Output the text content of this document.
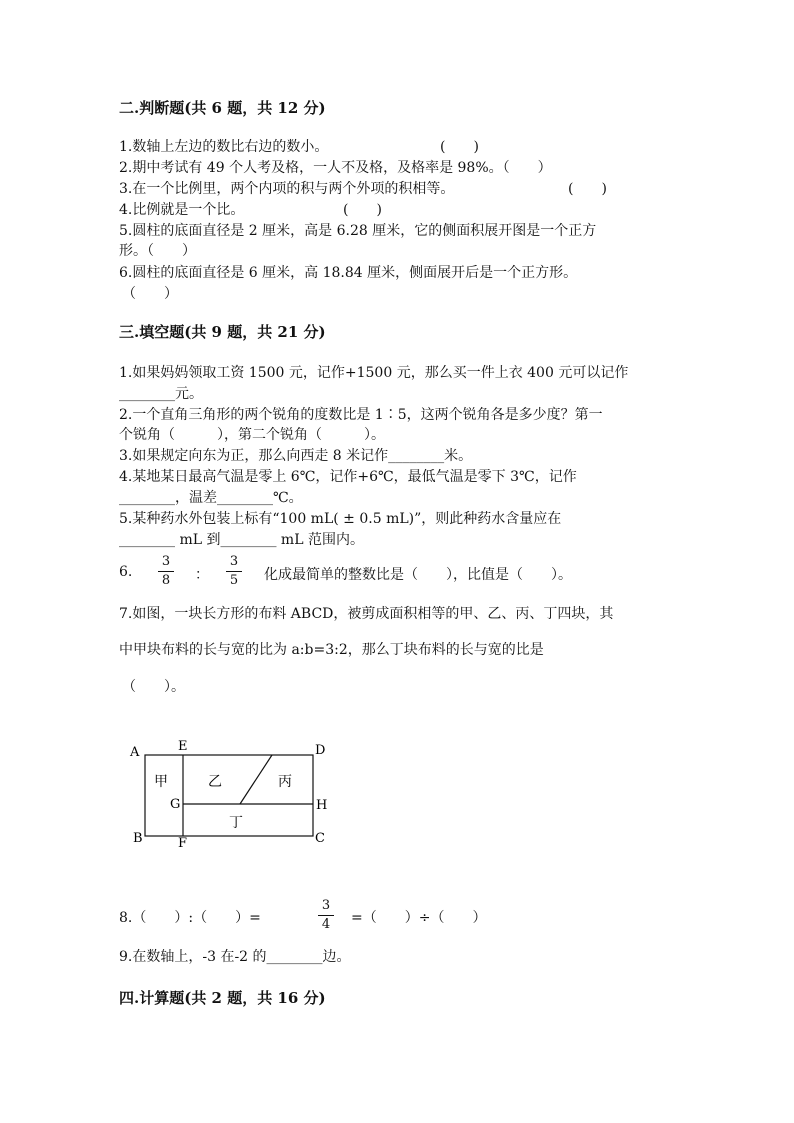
二.判断题(共 6 题，共 12 分)
1.数轴上左边的数比右边的数小。	(　　)
2.期中考试有 49 个人考及格，一人不及格，及格率是 98%。（　　）
3.在一个比例里，两个内项的积与两个外项的积相等。	(　　)
4.比例就是一个比。	(　　)
5.圆柱的底面直径是 2 厘米，高是 6.28 厘米，它的侧面积展开图是一个正方
形。（　　）
6.圆柱的底面直径是 6 厘米，高 18.84 厘米，侧面展开后是一个正方形。
（　　）
三.填空题(共 9 题，共 21 分)
1.如果妈妈领取工资 1500 元，记作+1500 元，那么买一件上衣 400 元可以记作
________元。
2.一个直角三角形的两个锐角的度数比是 1∶5，这两个锐角各是多少度？第一
个锐角（　　　），第二个锐角（　　　）。
3.如果规定向东为正，那么向西走 8 米记作________米。
4.某地某日最高气温是零上 6℃，记作+6℃，最低气温是零下 3℃，记作
________，温差________℃。
5.某种药水外包装上标有“100 mL( ± 0.5 mL)”，则此种药水含量应在
________ mL 到________ mL 范围内。
6.
3
8 ：
3
5 化成最简单的整数比是（　　），比值是（　　）。
7.如图，一块长方形的布料 ABCD，被剪成面积相等的甲、乙、丙、丁四块，其
中甲块布料的长与宽的比为 a:b=3:2，那么丁块布料的长与宽的比是
（　　）。
A	E	D
G	H
B	F	C
甲	乙	丙
丁
8.（　　）:（　　）=
3
4 =（　　）÷（　　）
9.在数轴上，-3 在-2 的________边。
四.计算题(共 2 题，共 16 分)
